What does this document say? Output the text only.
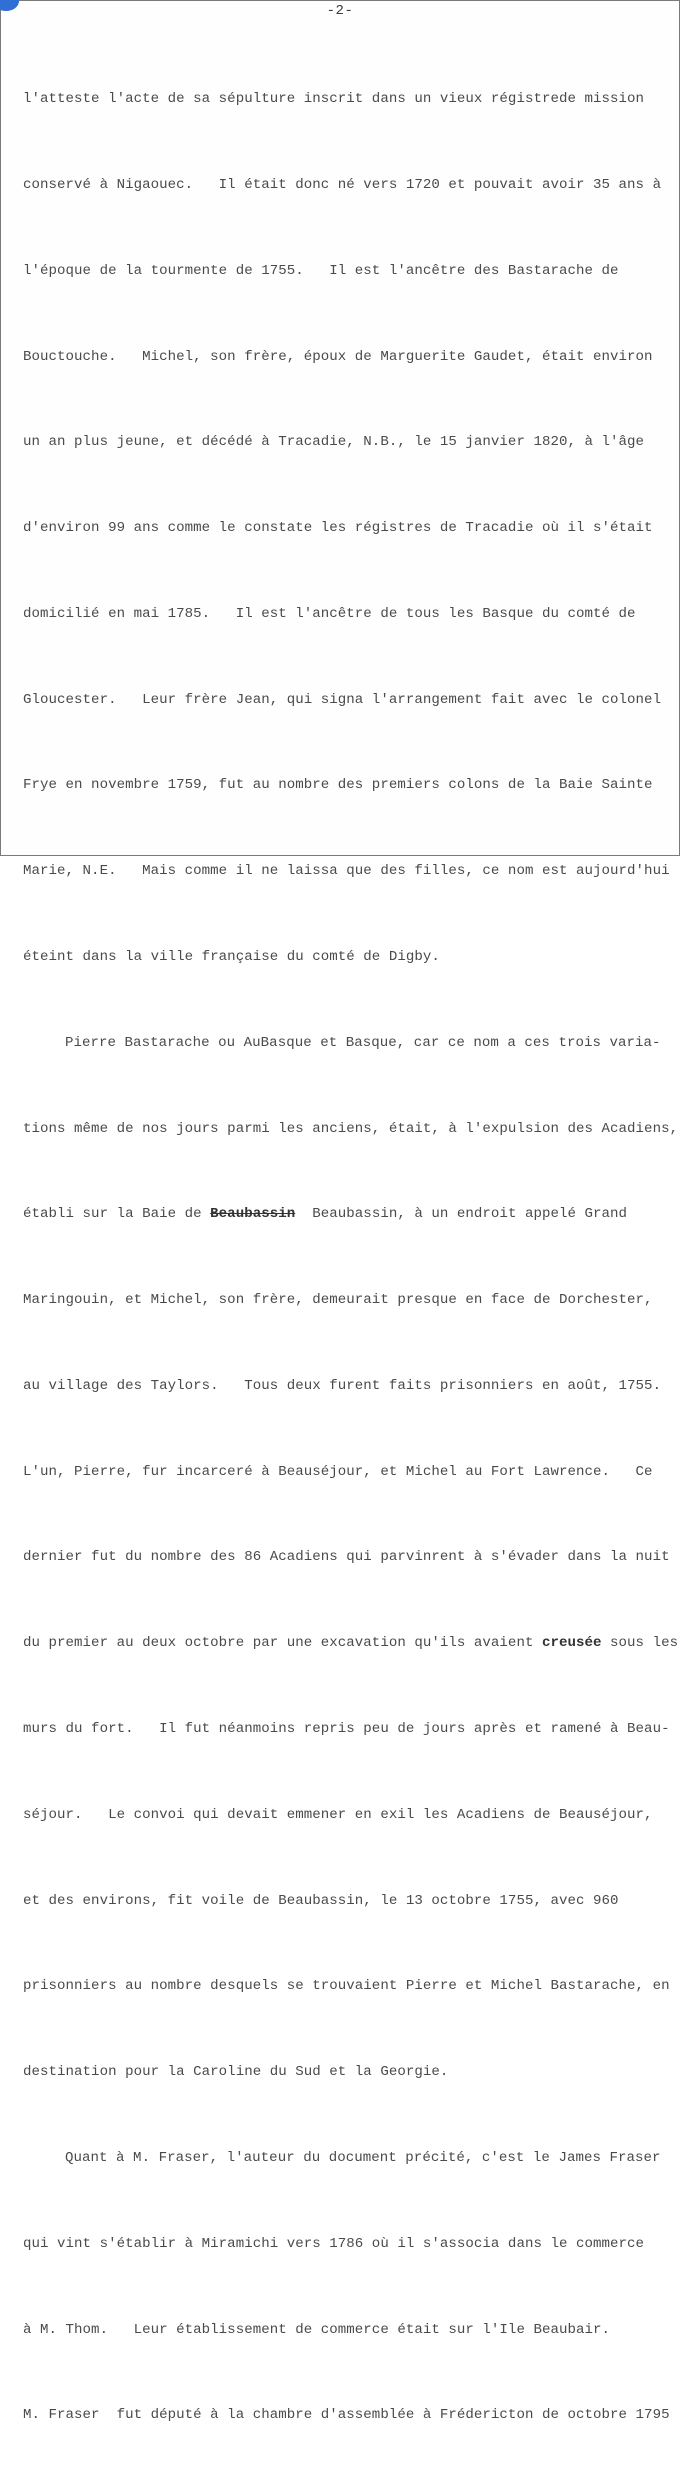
-2-

l'atteste l'acte de sa sépulture inscrit dans un vieux régistrede mission

conservé à Nigaouec.   Il était donc né vers 1720 et pouvait avoir 35 ans à

l'époque de la tourmente de 1755.   Il est l'ancêtre des Bastarache de

Bouctouche.   Michel, son frère, époux de Marguerite Gaudet, était environ

un an plus jeune, et décédé à Tracadie, N.B., le 15 janvier 1820, à l'âge

d'environ 99 ans comme le constate les régistres de Tracadie où il s'était

domicilié en mai 1785.   Il est l'ancêtre de tous les Basque du comté de

Gloucester.   Leur frère Jean, qui signa l'arrangement fait avec le colonel

Frye en novembre 1759, fut au nombre des premiers colons de la Baie Sainte

Marie, N.E.   Mais comme il ne laissa que des filles, ce nom est aujourd'hui

éteint dans la ville française du comté de Digby.

Pierre Bastarache ou AuBasque et Basque, car ce nom a ces trois varia-

tions même de nos jours parmi les anciens, était, à l'expulsion des Acadiens,

établi sur la Baie de Beaubassin  Beaubassin, à un endroit appelé Grand

Maringouin, et Michel, son frère, demeurait presque en face de Dorchester,

au village des Taylors.   Tous deux furent faits prisonniers en août, 1755.

L'un, Pierre, fur incarceré à Beauséjour, et Michel au Fort Lawrence.   Ce

dernier fut du nombre des 86 Acadiens qui parvinrent à s'évader dans la nuit

du premier au deux octobre par une excavation qu'ils avaient creusée sous les

murs du fort.   Il fut néanmoins repris peu de jours après et ramené à Beau-

séjour.   Le convoi qui devait emmener en exil les Acadiens de Beauséjour,

et des environs, fit voile de Beaubassin, le 13 octobre 1755, avec 960

prisonniers au nombre desquels se trouvaient Pierre et Michel Bastarache, en

destination pour la Caroline du Sud et la Georgie.

Quant à M. Fraser, l'auteur du document précité, c'est le James Fraser

qui vint s'établir à Miramichi vers 1786 où il s'associa dans le commerce

à M. Thom.   Leur établissement de commerce était sur l'Ile Beaubair.

M. Fraser  fut député à la chambre d'assemblée à Frédericton de octobre 1795
